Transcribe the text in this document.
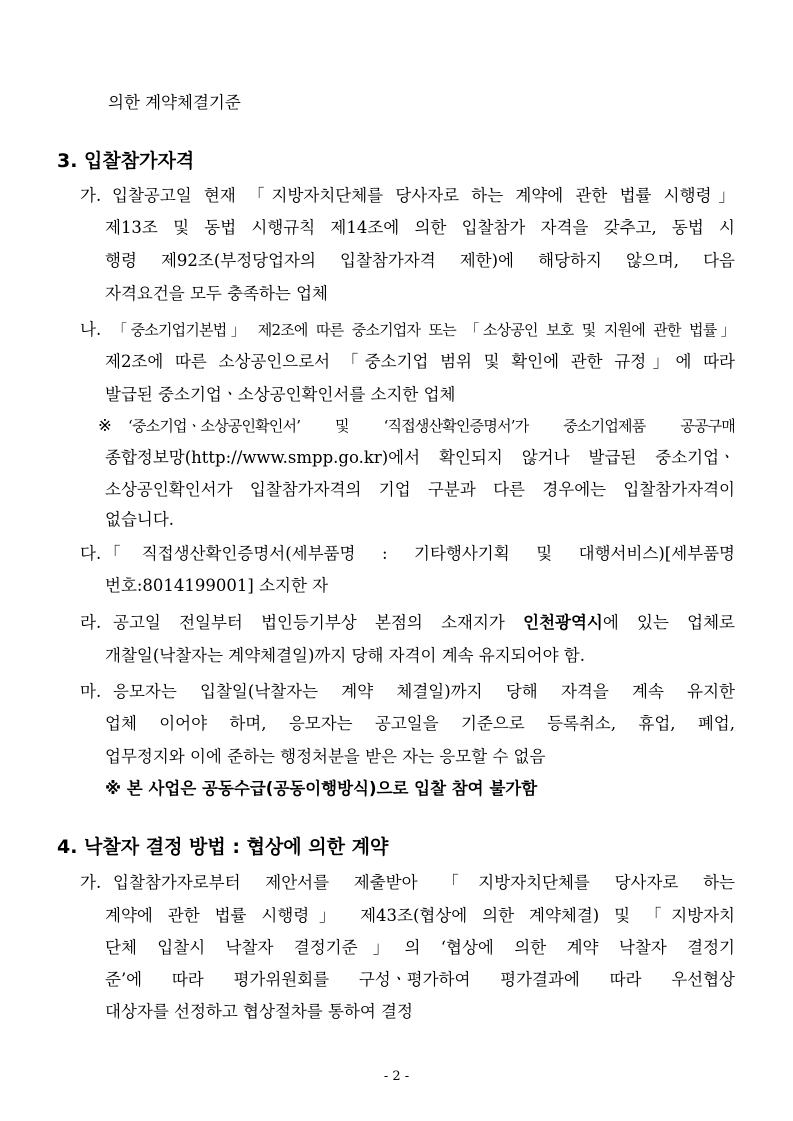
의한 계약체결기준
3. 입찰참가자격
가. 입찰공고일 현재 「지방자치단체를 당사자로 하는 계약에 관한 법률 시행령」
제13조 및 동법 시행규칙 제14조에 의한 입찰참가 자격을 갖추고, 동법 시
행령 제92조(부정당업자의 입찰참가자격 제한)에 해당하지 않으며, 다음
자격요건을 모두 충족하는 업체
나. 「중소기업기본법」 제2조에 따른 중소기업자 또는 「소상공인 보호 및 지원에 관한 법률」
제2조에 따른 소상공인으로서 「중소기업 범위 및 확인에 관한 규정」에 따라
발급된 중소기업ㆍ소상공인확인서를 소지한 업체
※ ‘중소기업ㆍ소상공인확인서’ 및 ‘직접생산확인증명서’가 중소기업제품 공공구매
종합정보망(http://www.smpp.go.kr)에서 확인되지 않거나 발급된 중소기업ㆍ
소상공인확인서가 입찰참가자격의 기업 구분과 다른 경우에는 입찰참가자격이
없습니다.
다. 「직접생산확인증명서(세부품명 : 기타행사기획 및 대행서비스)[세부품명
번호:8014199001] 소지한 자
라. 공고일 전일부터 법인등기부상 본점의 소재지가 인천광역시에 있는 업체로
개찰일(낙찰자는 계약체결일)까지 당해 자격이 계속 유지되어야 함.
마. 응모자는 입찰일(낙찰자는 계약 체결일)까지 당해 자격을 계속 유지한
업체 이어야 하며, 응모자는 공고일을 기준으로 등록취소, 휴업, 폐업,
업무정지와 이에 준하는 행정처분을 받은 자는 응모할 수 없음
※ 본 사업은 공동수급(공동이행방식)으로 입찰 참여 불가함
4. 낙찰자 결정 방법 : 협상에 의한 계약
가. 입찰참가자로부터 제안서를 제출받아 「지방자치단체를 당사자로 하는
계약에 관한 법률 시행령」 제43조(협상에 의한 계약체결) 및 「지방자치
단체 입찰시 낙찰자 결정기준」의 ‘협상에 의한 계약 낙찰자 결정기
준’에 따라 평가위원회를 구성ㆍ평가하여 평가결과에 따라 우선협상
대상자를 선정하고 협상절차를 통하여 결정
- 2 -
